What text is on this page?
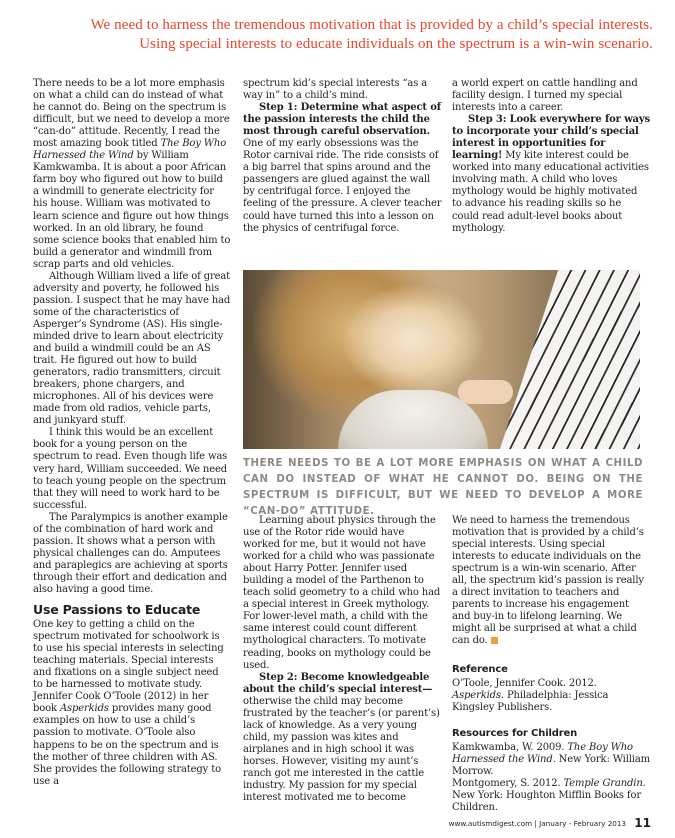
We need to harness the tremendous motivation that is provided by a child’s special interests.
Using special interests to educate individuals on the spectrum is a win-win scenario.

There needs to be a lot more emphasis on what a child can do instead of what he cannot do. Being on the spectrum is difficult, but we need to develop a more “can-do” attitude. Recently, I read the most amazing book titled The Boy Who Harnessed the Wind by William Kamkwamba. It is about a poor African farm boy who figured out how to build a windmill to generate electricity for his house. William was motivated to learn science and figure out how things worked. In an old library, he found some science books that enabled him to build a generator and windmill from scrap parts and old vehicles.

Although William lived a life of great adversity and poverty, he followed his passion. I suspect that he may have had some of the characteristics of Asperger’s Syndrome (AS). His single-minded drive to learn about electricity and build a windmill could be an AS trait. He figured out how to build generators, radio transmitters, circuit breakers, phone chargers, and microphones. All of his devices were made from old radios, vehicle parts, and junkyard stuff.

I think this would be an excellent book for a young person on the spectrum to read. Even though life was very hard, William succeeded. We need to teach young people on the spectrum that they will need to work hard to be successful.

The Paralympics is another example of the combination of hard work and passion. It shows what a person with physical challenges can do. Amputees and paraplegics are achieving at sports through their effort and dedication and also having a good time.

Use Passions to Educate

One key to getting a child on the spectrum motivated for schoolwork is to use his special interests in selecting teaching materials. Special interests and fixations on a single subject need to be harnessed to motivate study. Jennifer Cook O’Toole (2012) in her book Asperkids provides many good examples on how to use a child’s passion to motivate. O’Toole also happens to be on the spectrum and is the mother of three children with AS. She provides the following strategy to use a

spectrum kid’s special interests “as a way in” to a child’s mind.

Step 1: Determine what aspect of the passion interests the child the most through careful observation. One of my early obsessions was the Rotor carnival ride. The ride consists of a big barrel that spins around and the passengers are glued against the wall by centrifugal force. I enjoyed the feeling of the pressure. A clever teacher could have turned this into a lesson on the physics of centrifugal force.

a world expert on cattle handling and facility design. I turned my special interests into a career.

Step 3: Look everywhere for ways to incorporate your child’s special interest in opportunities for learning! My kite interest could be worked into many educational activities involving math. A child who loves mythology would be highly motivated to advance his reading skills so he could read adult-level books about mythology.

THERE NEEDS TO BE A LOT MORE EMPHASIS ON WHAT A CHILD CAN DO INSTEAD OF WHAT HE CANNOT DO. BEING ON THE SPECTRUM IS DIFFICULT, BUT WE NEED TO DEVELOP A MORE “CAN-DO” ATTITUDE.

Learning about physics through the use of the Rotor ride would have worked for me, but it would not have worked for a child who was passionate about Harry Potter. Jennifer used building a model of the Parthenon to teach solid geometry to a child who had a special interest in Greek mythology. For lower-level math, a child with the same interest could count different mythological characters. To motivate reading, books on mythology could be used.

Step 2: Become knowledgeable about the child’s special interest—otherwise the child may become frustrated by the teacher’s (or parent’s) lack of knowledge. As a very young child, my passion was kites and airplanes and in high school it was horses. However, visiting my aunt’s ranch got me interested in the cattle industry. My passion for my special interest motivated me to become

We need to harness the tremendous motivation that is provided by a child’s special interests. Using special interests to educate individuals on the spectrum is a win-win scenario. After all, the spectrum kid’s passion is really a direct invitation to teachers and parents to increase his engagement and buy-in to lifelong learning. We might all be surprised at what a child can do.

Reference

O’Toole, Jennifer Cook. 2012. Asperkids. Philadelphia: Jessica Kingsley Publishers.

Resources for Children

Kamkwamba, W. 2009. The Boy Who Harnessed the Wind. New York: William Morrow.

Montgomery, S. 2012. Temple Grandin. New York: Houghton Mifflin Books for Children.

www.autismdigest.com | January - February 2013 11
